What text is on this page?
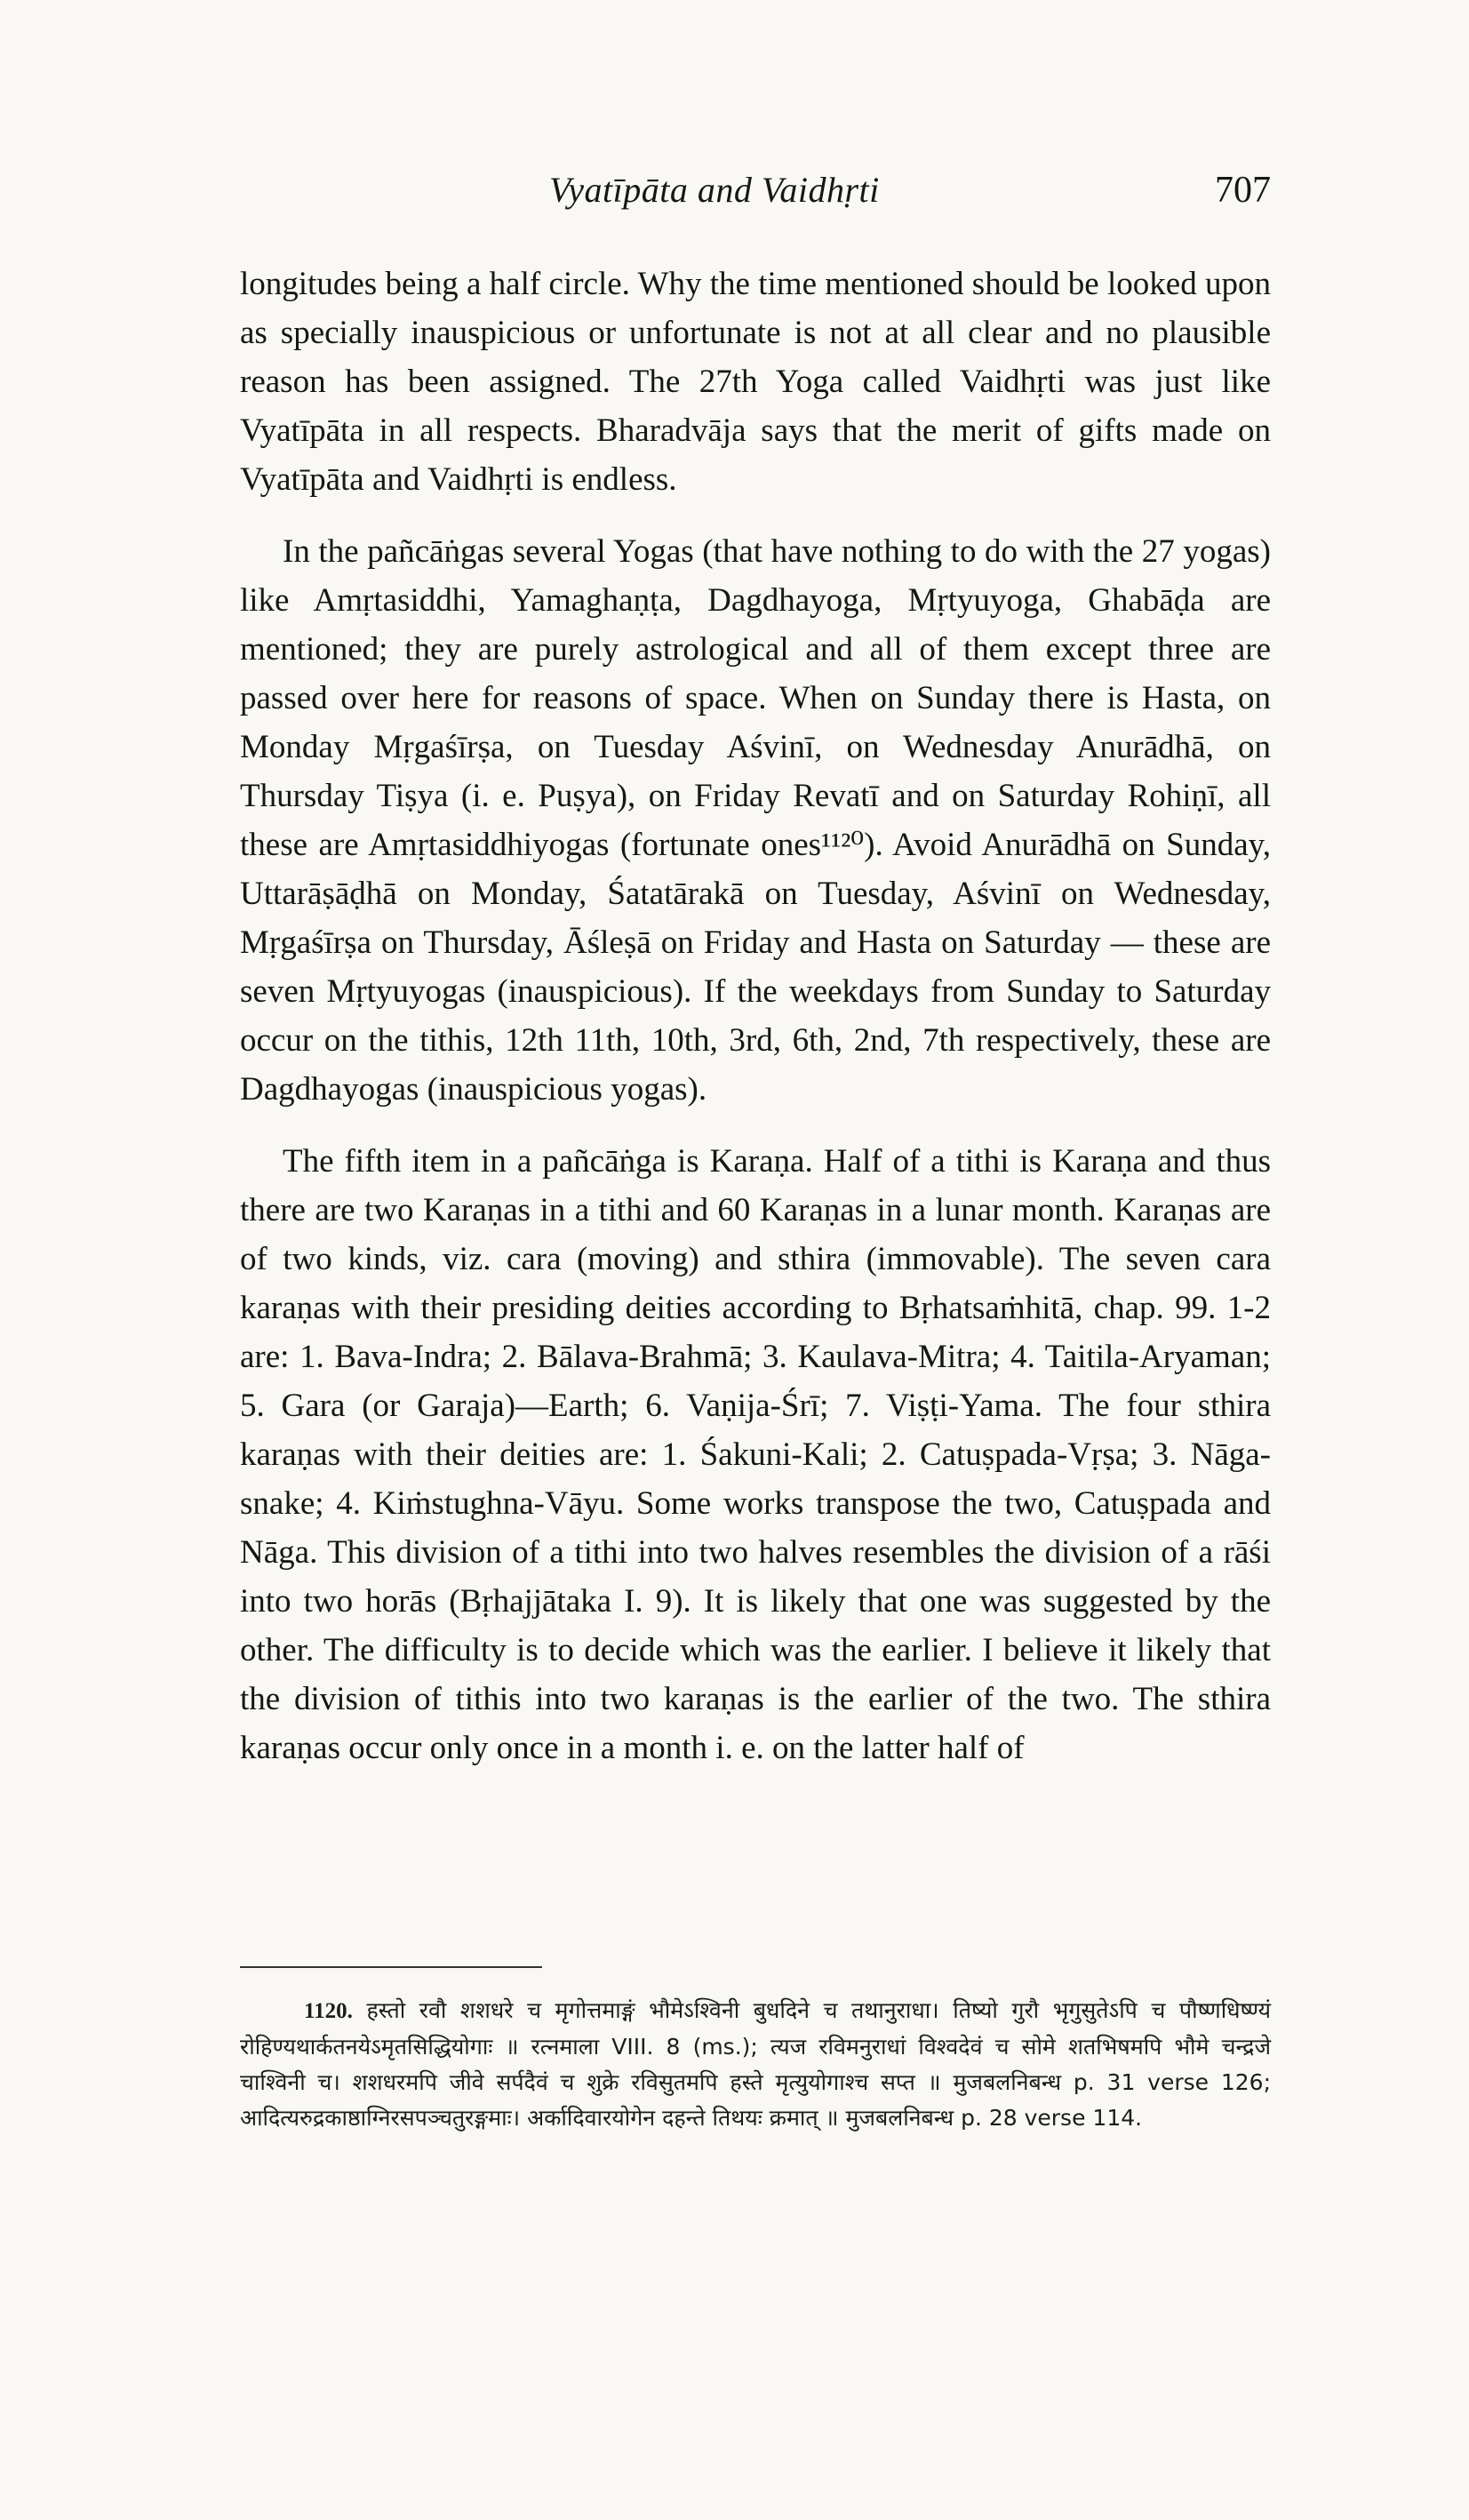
Vyatīpāta and Vaidhṛti	707

longitudes being a half circle. Why the time mentioned should be looked upon as specially inauspicious or unfortunate is not at all clear and no plausible reason has been assigned. The 27th Yoga called Vaidhṛti was just like Vyatīpāta in all respects. Bharadvāja says that the merit of gifts made on Vyatīpāta and Vaidhṛti is endless.

In the pañcāṅgas several Yogas (that have nothing to do with the 27 yogas) like Amṛtasiddhi, Yamaghaṇṭa, Dagdhayoga, Mṛtyuyoga, Ghabāḍa are mentioned; they are purely astrological and all of them except three are passed over here for reasons of space. When on Sunday there is Hasta, on Monday Mṛgaśīrṣa, on Tuesday Aśvinī, on Wednesday Anurādhā, on Thursday Tiṣya (i. e. Puṣya), on Friday Revatī and on Saturday Rohiṇī, all these are Amṛtasiddhiyogas (fortunate ones¹¹²⁰). Avoid Anurādhā on Sunday, Uttarāṣāḍhā on Monday, Śatatārakā on Tuesday, Aśvinī on Wednesday, Mṛgaśīrṣa on Thursday, Āśleṣā on Friday and Hasta on Saturday — these are seven Mṛtyuyogas (inauspicious). If the weekdays from Sunday to Saturday occur on the tithis, 12th 11th, 10th, 3rd, 6th, 2nd, 7th respectively, these are Dagdhayogas (inauspicious yogas).

The fifth item in a pañcāṅga is Karaṇa. Half of a tithi is Karaṇa and thus there are two Karaṇas in a tithi and 60 Karaṇas in a lunar month. Karaṇas are of two kinds, viz. cara (moving) and sthira (immovable). The seven cara karaṇas with their presiding deities according to Bṛhatsaṁhitā, chap. 99. 1-2 are: 1. Bava-Indra; 2. Bālava-Brahmā; 3. Kaulava-Mitra; 4. Taitila-Aryaman; 5. Gara (or Garaja)—Earth; 6. Vaṇija-Śrī; 7. Viṣṭi-Yama. The four sthira karaṇas with their deities are: 1. Śakuni-Kali; 2. Catuṣpada-Vṛṣa; 3. Nāga-snake; 4. Kiṁstughna-Vāyu. Some works transpose the two, Catuṣpada and Nāga. This division of a tithi into two halves resembles the division of a rāśi into two horās (Bṛhajjātaka I. 9). It is likely that one was suggested by the other. The difficulty is to decide which was the earlier. I believe it likely that the division of tithis into two karaṇas is the earlier of the two. The sthira karaṇas occur only once in a month i. e. on the latter half of

1120. हस्तो रवौ शशधरे च मृगोत्तमाङ्गं भौमेऽश्विनी बुधदिने च तथानुराधा। तिष्यो गुरौ भृगुसुतेऽपि च पौष्णधिष्ण्यं रोहिण्यथार्कतनयेऽमृतसिद्धियोगाः ॥ रत्नमाला VIII. 8 (ms.); त्यज रविमनुराधां विश्वदेवं च सोमे शतभिषमपि भौमे चन्द्रजे चाश्विनी च। शशधरमपि जीवे सर्पदैवं च शुक्रे रविसुतमपि हस्ते मृत्युयोगाश्च सप्त ॥ मुजबलनिबन्ध p. 31 verse 126; आदित्यरुद्रकाष्ठाग्निरसपञ्चतुरङ्गमाः। अर्कादिवारयोगेन दहन्ते तिथयः क्रमात् ॥ मुजबलनिबन्ध p. 28 verse 114.
